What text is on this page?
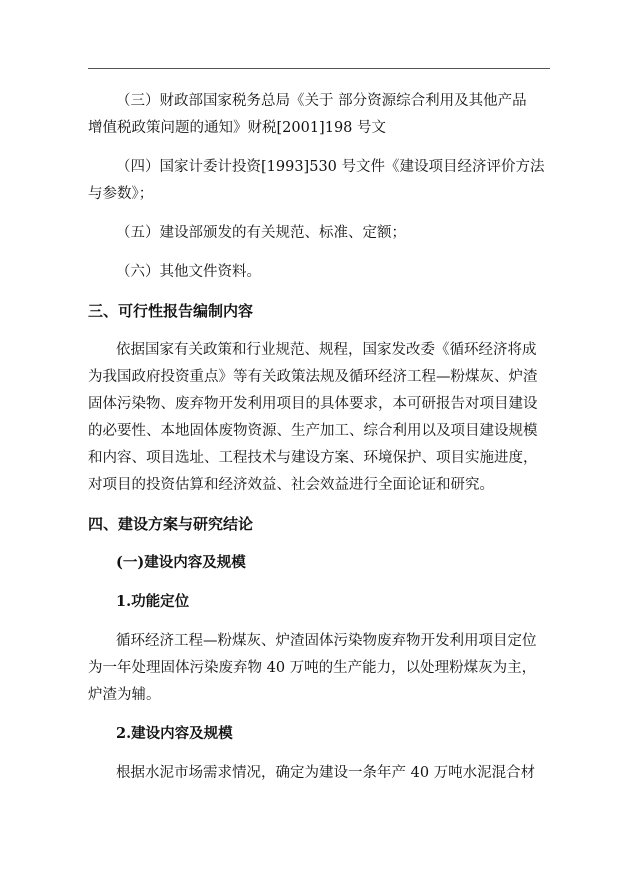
（三）财政部国家税务总局《关于 部分资源综合利用及其他产品
增值税政策问题的通知》财税[2001]198 号文
（四）国家计委计投资[1993]530 号文件《建设项目经济评价方法
与参数》；
（五）建设部颁发的有关规范、标准、定额；
（六）其他文件资料。
三、可行性报告编制内容
依据国家有关政策和行业规范、规程，国家发改委《循环经济将成
为我国政府投资重点》等有关政策法规及循环经济工程—粉煤灰、炉渣
固体污染物、废弃物开发利用项目的具体要求，本可研报告对项目建设
的必要性、本地固体废物资源、生产加工、综合利用以及项目建设规模
和内容、项目选址、工程技术与建设方案、环境保护、项目实施进度，
对项目的投资估算和经济效益、社会效益进行全面论证和研究。
四、建设方案与研究结论
(一)建设内容及规模
1.功能定位
循环经济工程—粉煤灰、炉渣固体污染物废弃物开发利用项目定位
为一年处理固体污染废弃物 40 万吨的生产能力，以处理粉煤灰为主，
炉渣为辅。
2.建设内容及规模
根据水泥市场需求情况，确定为建设一条年产 40 万吨水泥混合材
